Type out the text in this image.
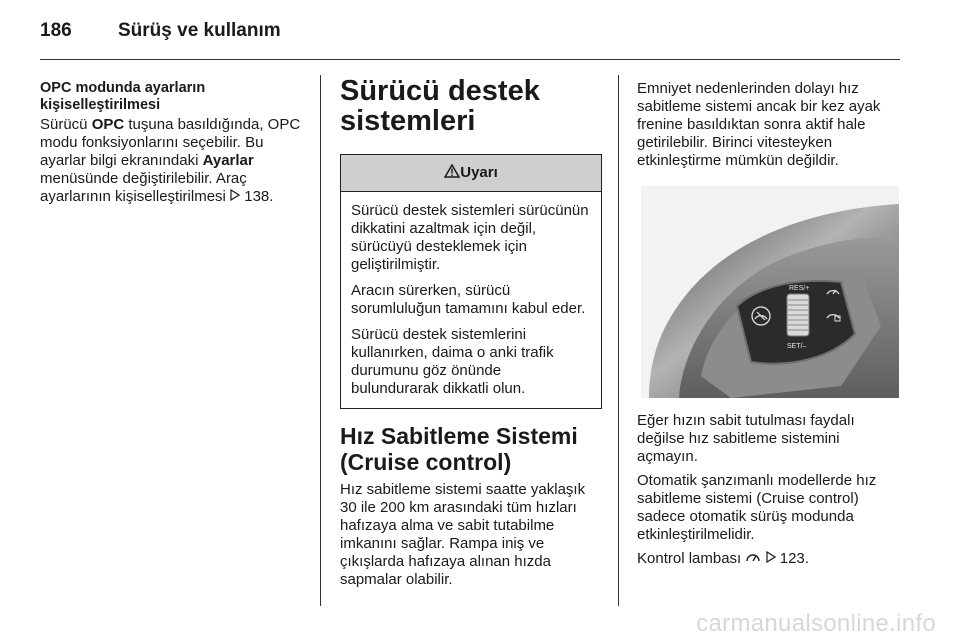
186 Sürüş ve kullanım
OPC modunda ayarların kişiselleştirilmesi

Sürücü OPC tuşuna basıldığında, OPC modu fonksiyonlarını seçebilir. Bu ayarlar bilgi ekranındaki Ayarlar menüsünde değiştirilebilir. Araç ayarlarının kişiselleştirilmesi  138.

Sürücü destek sistemleri
Uyarı

Sürücü destek sistemleri sürücünün dikkatini azaltmak için değil, sürücüyü desteklemek için geliştirilmiştir.

Aracın sürerken, sürücü sorumluluğun tamamını kabul eder.

Sürücü destek sistemlerini kullanırken, daima o anki trafik durumunu göz önünde bulundurarak dikkatli olun.

Hız Sabitleme Sistemi (Cruise control)

Hız sabitleme sistemi saatte yaklaşık 30 ile 200 km arasındaki tüm hızları hafızaya alma ve sabit tutabilme imkanını sağlar. Rampa iniş ve çıkışlarda hafızaya alınan hızda sapmalar olabilir.

Emniyet nedenlerinden dolayı hız sabitleme sistemi ancak bir kez ayak frenine basıldıktan sonra aktif hale getirilebilir. Birinci vitesteyken etkinleştirme mümkün değildir.

RES/+
SET/–

Eğer hızın sabit tutulması faydalı değilse hız sabitleme sistemini açmayın.

Otomatik şanzımanlı modellerde hız sabitleme sistemi (Cruise control) sadece otomatik sürüş modunda etkinleştirilmelidir.

Kontrol lambası   123.

carmanualsonline.info
